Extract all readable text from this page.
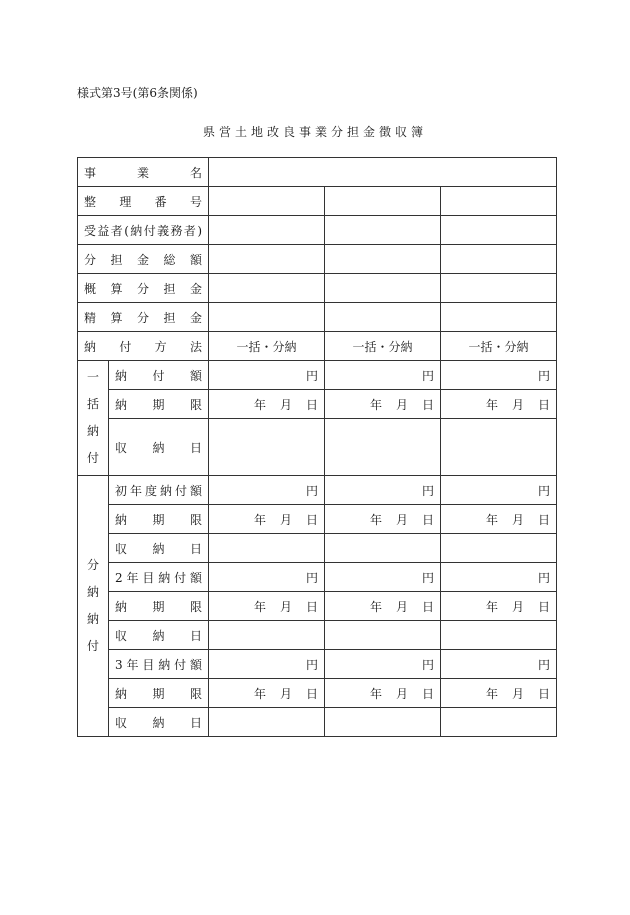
様式第3号(第6条関係)
県営土地改良事業分担金徴収簿
事業名				
整理番号				
受益者(納付義務者)				
分担金総額				
概算分担金				
精算分担金				
納付方法		一括・分納	一括・分納	一括・分納

一
括
納
付	納付額	円	円	円
	納期限	年 月 日	年 月 日	年 月 日
	収納日			

分
納
納
付	初年度納付額	円	円	円
	納期限	年 月 日	年 月 日	年 月 日
	収納日			
	2年目納付額	円	円	円
	納期限	年 月 日	年 月 日	年 月 日
	収納日			
	3年目納付額	円	円	円
	納期限	年 月 日	年 月 日	年 月 日
	収納日			
